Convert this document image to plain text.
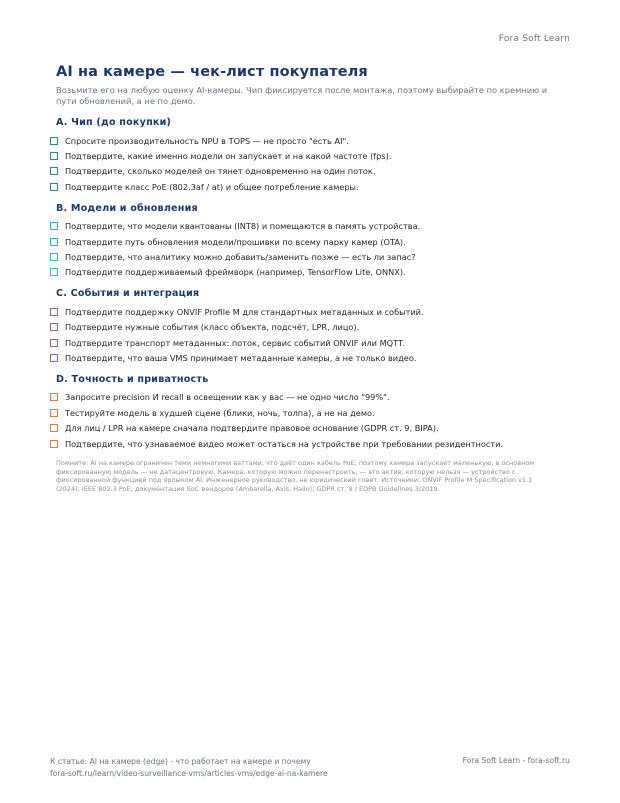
Fora Soft Learn
AI на камере — чек-лист покупателя

Возьмите его на любую оценку AI-камеры. Чип фиксируется после монтажа, поэтому выбирайте по кремнию и пути обновлений, а не по демо.

A. Чип (до покупки)
Спросите производительность NPU в TOPS — не просто "есть AI".
Подтвердите, какие именно модели он запускает и на какой частоте (fps).
Подтвердите, сколько моделей он тянет одновременно на один поток.
Подтвердите класс PoE (802.3af / at) и общее потребление камеры.
B. Модели и обновления
Подтвердите, что модели квантованы (INT8) и помещаются в память устройства.
Подтвердите путь обновления модели/прошивки по всему парку камер (OTA).
Подтвердите, что аналитику можно добавить/заменить позже — есть ли запас?
Подтвердите поддерживаемый фреймворк (например, TensorFlow Lite, ONNX).
C. События и интеграция
Подтвердите поддержку ONVIF Profile M для стандартных метаданных и событий.
Подтвердите нужные события (класс объекта, подсчёт, LPR, лицо).
Подтвердите транспорт метаданных: поток, сервис событий ONVIF или MQTT.
Подтвердите, что ваша VMS принимает метаданные камеры, а не только видео.
D. Точность и приватность
Запросите precision И recall в освещении как у вас — не одно число "99%".
Тестируйте модель в худшей сцене (блики, ночь, толпа), а не на демо.
Для лиц / LPR на камере сначала подтвердите правовое основание (GDPR ст. 9, BIPA).
Подтвердите, что узнаваемое видео может остаться на устройстве при требовании резидентности.
Помните: AI на камере ограничен теми немногими ваттами, что даёт один кабель PoE, поэтому камера запускает маленькую, в основном фиксированную модель — не датацентровую. Камера, которую можно перенастроить, — это актив; которую нельзя — устройство с фиксированной функцией под ярлыком AI. Инженерное руководство, не юридический совет. Источники: ONVIF Profile M Specification v1.1 (2024); IEEE 802.3 PoE; документация SoC вендоров (Ambarella, Axis, Hailo); GDPR ст. 9 / EDPB Guidelines 3/2019.
К статье: AI на камере (edge) - что работает на камере и почему
fora-soft.ru/learn/video-surveillance-vms/articles-vms/edge-ai-na-kamere
Fora Soft Learn - fora-soft.ru
